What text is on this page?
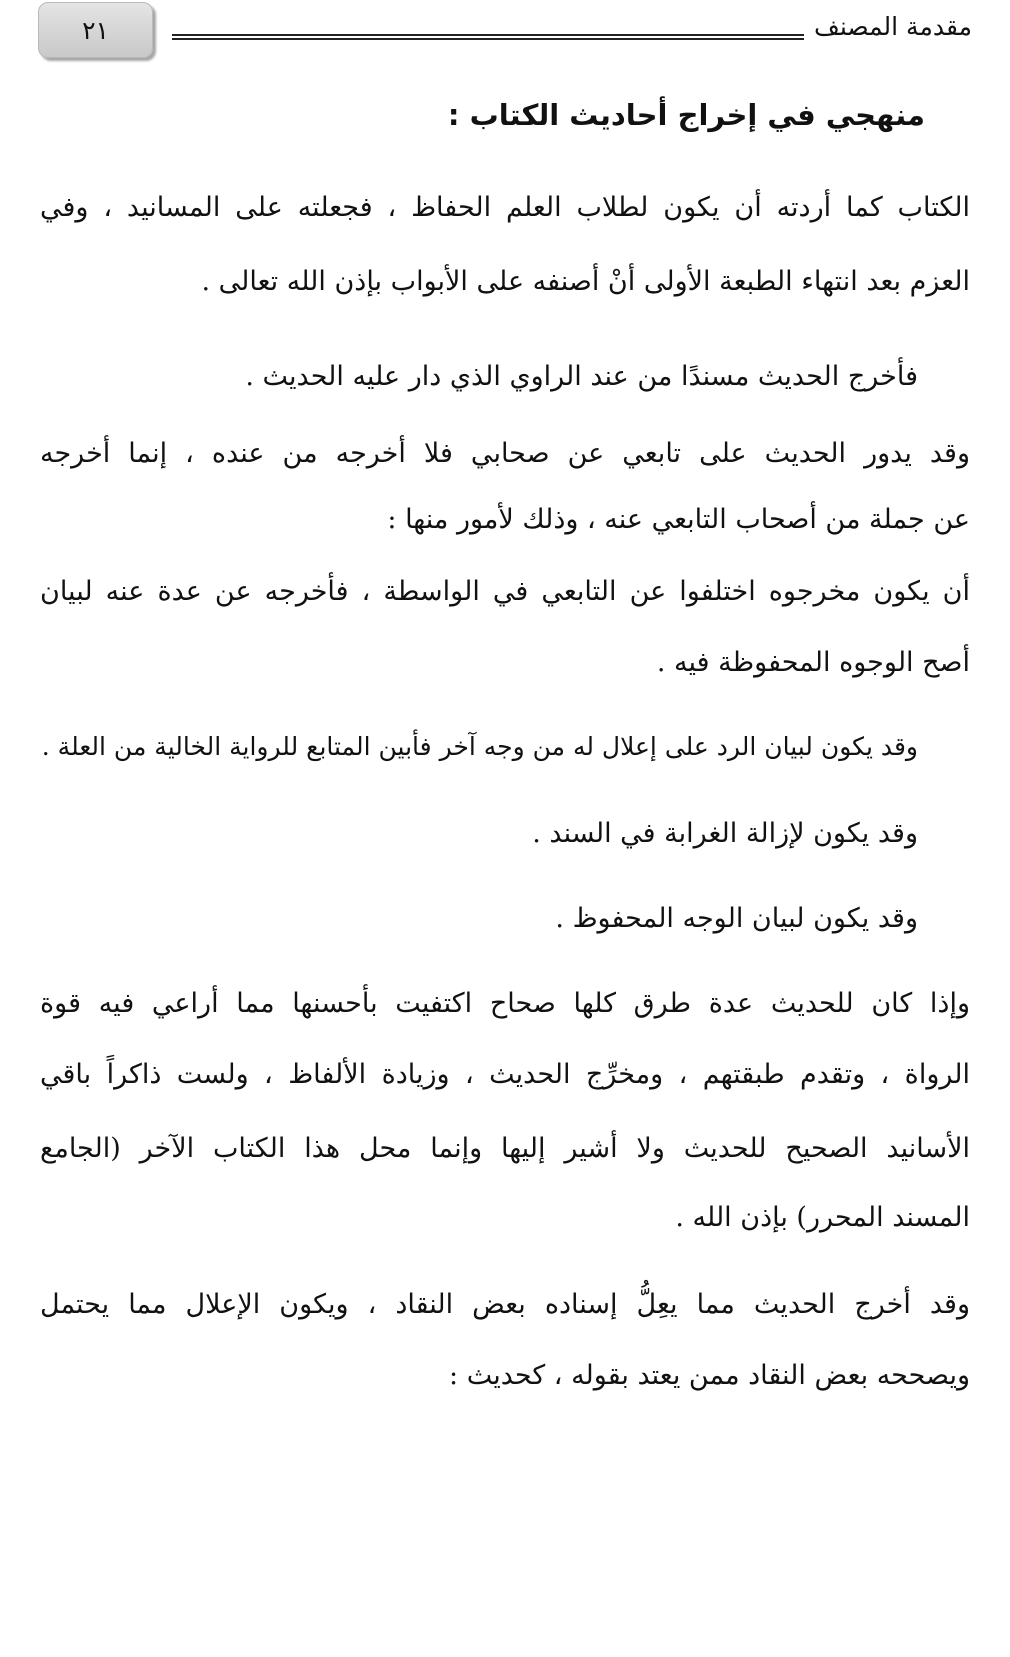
٢١	مقدمة المصنف
منهجي في إخراج أحاديث الكتاب :
الكتاب كما أردته أن يكون لطلاب العلم الحفاظ ، فجعلته على المسانيد ، وفي
العزم بعد انتهاء الطبعة الأولى أنْ أصنفه على الأبواب بإذن الله تعالى .
فأخرج الحديث مسندًا من عند الراوي الذي دار عليه الحديث .
وقد يدور الحديث على تابعي عن صحابي فلا أخرجه من عنده ، إنما أخرجه
عن جملة من أصحاب التابعي عنه ، وذلك لأمور منها :
أن يكون مخرجوه اختلفوا عن التابعي في الواسطة ، فأخرجه عن عدة عنه لبيان
أصح الوجوه المحفوظة فيه .
وقد يكون لبيان الرد على إعلال له من وجه آخر فأبين المتابع للرواية الخالية من العلة .
وقد يكون لإزالة الغرابة في السند .
وقد يكون لبيان الوجه المحفوظ .
وإذا كان للحديث عدة طرق كلها صحاح اكتفيت بأحسنها مما أراعي فيه قوة
الرواة ، وتقدم طبقتهم ، ومخرِّج الحديث ، وزيادة الألفاظ ، ولست ذاكراً باقي
الأسانيد الصحيح للحديث ولا أشير إليها وإنما محل هذا الكتاب الآخر (الجامع
المسند المحرر) بإذن الله .
وقد أخرج الحديث مما يعِلُّ إسناده بعض النقاد ، ويكون الإعلال مما يحتمل
ويصححه بعض النقاد ممن يعتد بقوله ، كحديث :
